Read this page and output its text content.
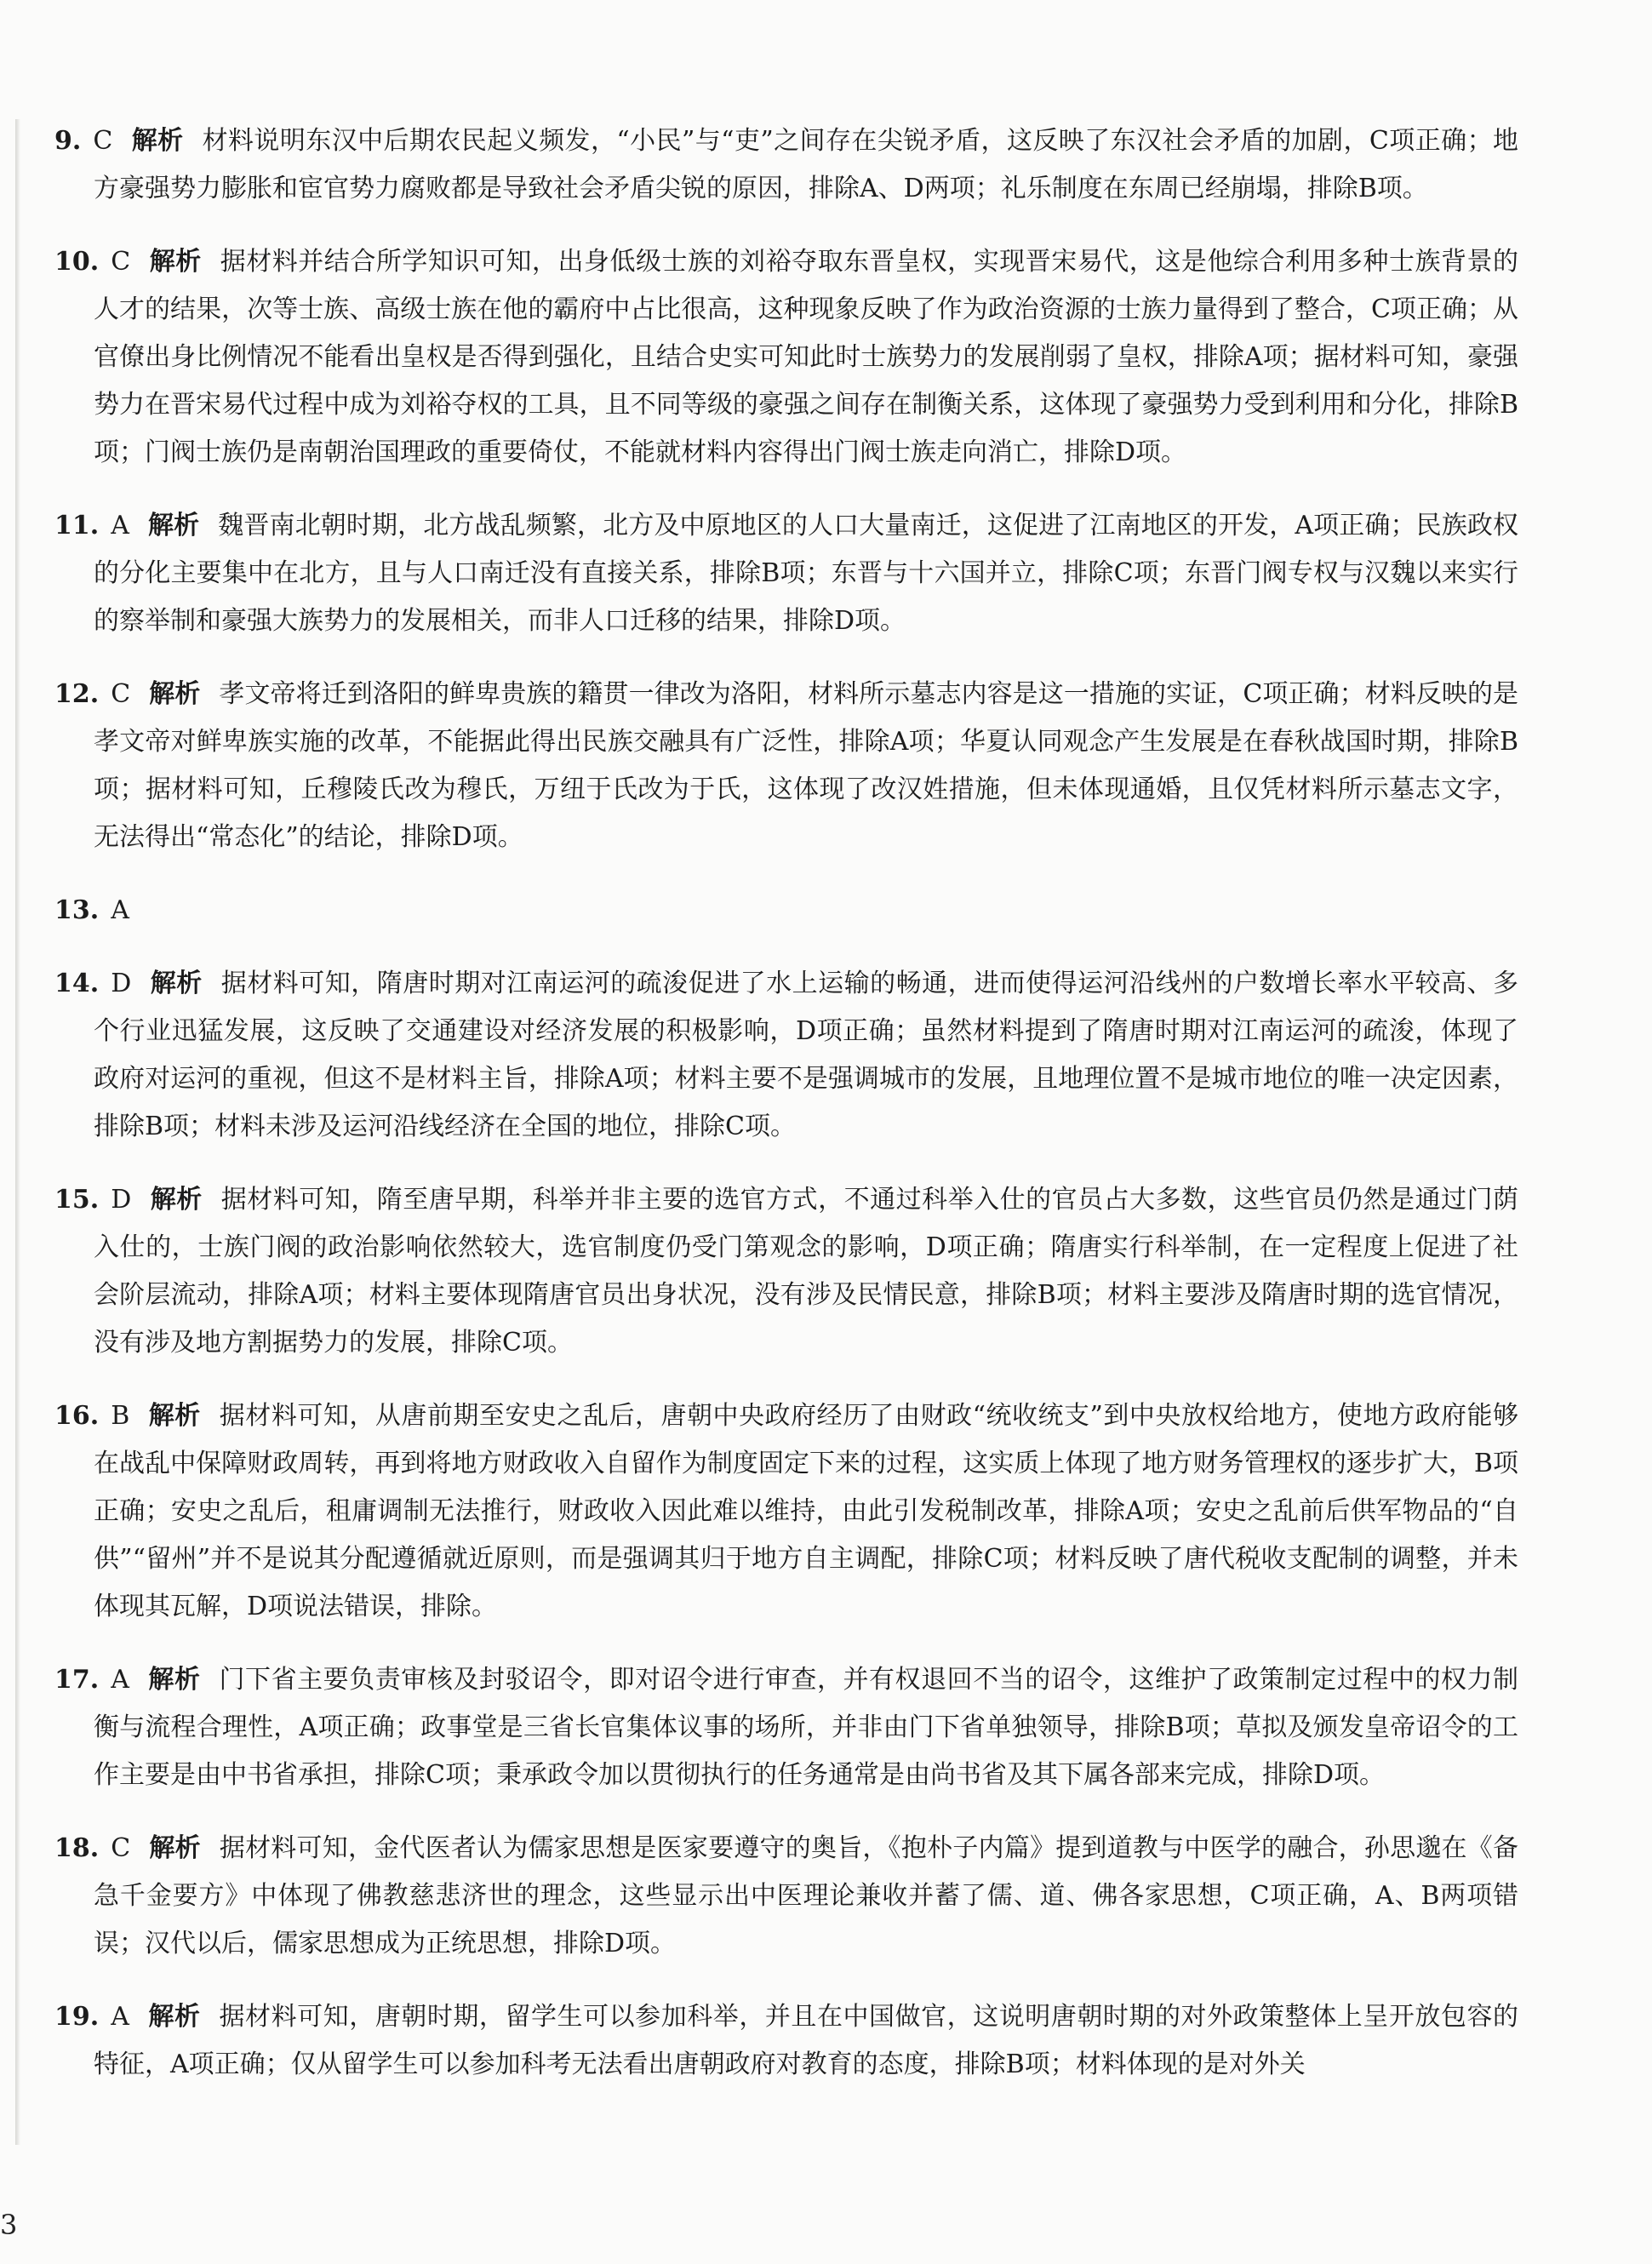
9. C 解析 材料说明东汉中后期农民起义频发，“小民”与“吏”之间存在尖锐矛盾，这反映了东汉社会矛盾的加剧，C项正确；地方豪强势力膨胀和宦官势力腐败都是导致社会矛盾尖锐的原因，排除A、D两项；礼乐制度在东周已经崩塌，排除B项。

10. C 解析 据材料并结合所学知识可知，出身低级士族的刘裕夺取东晋皇权，实现晋宋易代，这是他综合利用多种士族背景的人才的结果，次等士族、高级士族在他的霸府中占比很高，这种现象反映了作为政治资源的士族力量得到了整合，C项正确；从官僚出身比例情况不能看出皇权是否得到强化，且结合史实可知此时士族势力的发展削弱了皇权，排除A项；据材料可知，豪强势力在晋宋易代过程中成为刘裕夺权的工具，且不同等级的豪强之间存在制衡关系，这体现了豪强势力受到利用和分化，排除B项；门阀士族仍是南朝治国理政的重要倚仗，不能就材料内容得出门阀士族走向消亡，排除D项。

11. A 解析 魏晋南北朝时期，北方战乱频繁，北方及中原地区的人口大量南迁，这促进了江南地区的开发，A项正确；民族政权的分化主要集中在北方，且与人口南迁没有直接关系，排除B项；东晋与十六国并立，排除C项；东晋门阀专权与汉魏以来实行的察举制和豪强大族势力的发展相关，而非人口迁移的结果，排除D项。

12. C 解析 孝文帝将迁到洛阳的鲜卑贵族的籍贯一律改为洛阳，材料所示墓志内容是这一措施的实证，C项正确；材料反映的是孝文帝对鲜卑族实施的改革，不能据此得出民族交融具有广泛性，排除A项；华夏认同观念产生发展是在春秋战国时期，排除B项；据材料可知，丘穆陵氏改为穆氏，万纽于氏改为于氏，这体现了改汉姓措施，但未体现通婚，且仅凭材料所示墓志文字，无法得出“常态化”的结论，排除D项。

13. A

14. D 解析 据材料可知，隋唐时期对江南运河的疏浚促进了水上运输的畅通，进而使得运河沿线州的户数增长率水平较高、多个行业迅猛发展，这反映了交通建设对经济发展的积极影响，D项正确；虽然材料提到了隋唐时期对江南运河的疏浚，体现了政府对运河的重视，但这不是材料主旨，排除A项；材料主要不是强调城市的发展，且地理位置不是城市地位的唯一决定因素，排除B项；材料未涉及运河沿线经济在全国的地位，排除C项。

15. D 解析 据材料可知，隋至唐早期，科举并非主要的选官方式，不通过科举入仕的官员占大多数，这些官员仍然是通过门荫入仕的，士族门阀的政治影响依然较大，选官制度仍受门第观念的影响，D项正确；隋唐实行科举制，在一定程度上促进了社会阶层流动，排除A项；材料主要体现隋唐官员出身状况，没有涉及民情民意，排除B项；材料主要涉及隋唐时期的选官情况，没有涉及地方割据势力的发展，排除C项。

16. B 解析 据材料可知，从唐前期至安史之乱后，唐朝中央政府经历了由财政“统收统支”到中央放权给地方，使地方政府能够在战乱中保障财政周转，再到将地方财政收入自留作为制度固定下来的过程，这实质上体现了地方财务管理权的逐步扩大，B项正确；安史之乱后，租庸调制无法推行，财政收入因此难以维持，由此引发税制改革，排除A项；安史之乱前后供军物品的“自供”“留州”并不是说其分配遵循就近原则，而是强调其归于地方自主调配，排除C项；材料反映了唐代税收支配制的调整，并未体现其瓦解，D项说法错误，排除。

17. A 解析 门下省主要负责审核及封驳诏令，即对诏令进行审查，并有权退回不当的诏令，这维护了政策制定过程中的权力制衡与流程合理性，A项正确；政事堂是三省长官集体议事的场所，并非由门下省单独领导，排除B项；草拟及颁发皇帝诏令的工作主要是由中书省承担，排除C项；秉承政令加以贯彻执行的任务通常是由尚书省及其下属各部来完成，排除D项。

18. C 解析 据材料可知，金代医者认为儒家思想是医家要遵守的奥旨，《抱朴子内篇》提到道教与中医学的融合，孙思邈在《备急千金要方》中体现了佛教慈悲济世的理念，这些显示出中医理论兼收并蓄了儒、道、佛各家思想，C项正确，A、B两项错误；汉代以后，儒家思想成为正统思想，排除D项。

19. A 解析 据材料可知，唐朝时期，留学生可以参加科举，并且在中国做官，这说明唐朝时期的对外政策整体上呈开放包容的特征，A项正确；仅从留学生可以参加科考无法看出唐朝政府对教育的态度，排除B项；材料体现的是对外关

3
